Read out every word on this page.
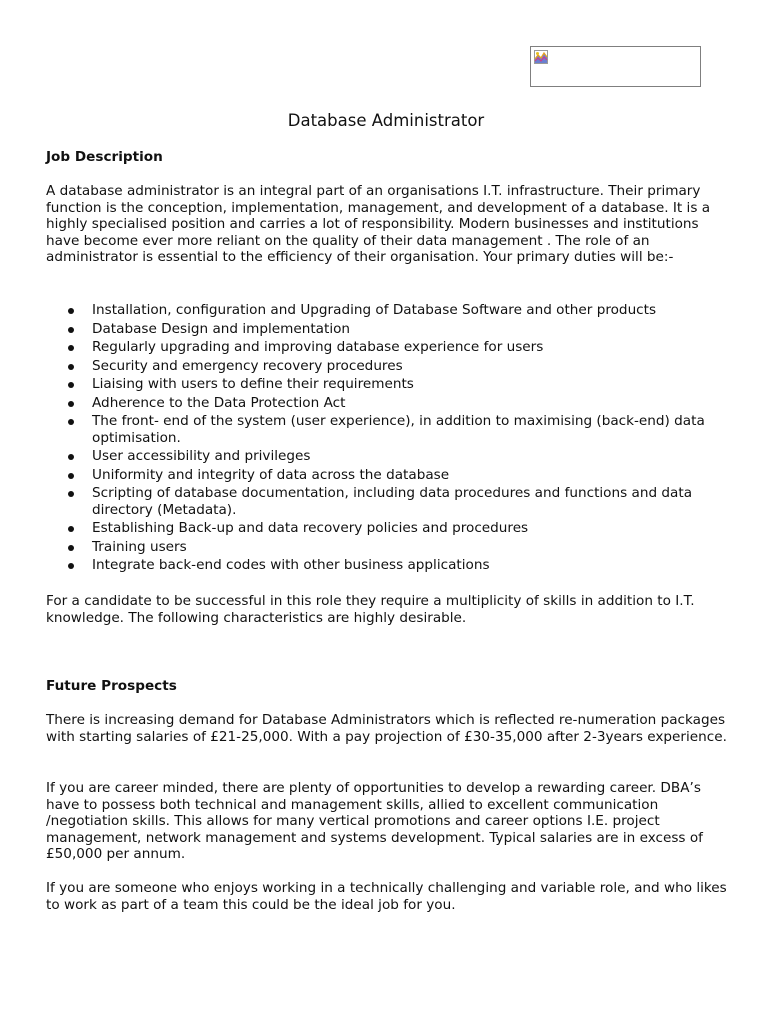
Database Administrator
Job Description

A database administrator is an integral part of an organisations I.T. infrastructure. Their primary function is the conception, implementation, management, and development of a database. It is a highly specialised position and carries a lot of responsibility. Modern businesses and institutions have become ever more reliant on the quality of their data management . The role of an administrator is essential to the efficiency of their organisation. Your primary duties will be:-

Installation, configuration and Upgrading of Database Software and other products
Database Design and implementation
Regularly upgrading and improving database experience for users
Security and emergency recovery procedures
Liaising with users to define their requirements
Adherence to the Data Protection Act
The front- end of the system (user experience), in addition to maximising (back-end) data optimisation.
User accessibility and privileges
Uniformity and integrity of data across the database
Scripting of database documentation, including data procedures and functions and data directory (Metadata).
Establishing Back-up and data recovery policies and procedures
Training users
Integrate back-end codes with other business applications

For a candidate to be successful in this role they require a multiplicity of skills in addition to I.T. knowledge. The following characteristics are highly desirable.

Future Prospects

There is increasing demand for Database Administrators which is reflected re-numeration packages with starting salaries of £21-25,000. With a pay projection of £30-35,000 after 2-3years experience.

If you are career minded, there are plenty of opportunities to develop a rewarding career. DBA’s have to possess both technical and management skills, allied to excellent communication /negotiation skills. This allows for many vertical promotions and career options I.E. project management, network management and systems development. Typical salaries are in excess of £50,000 per annum.

If you are someone who enjoys working in a technically challenging and variable role, and who likes to work as part of a team this could be the ideal job for you.
